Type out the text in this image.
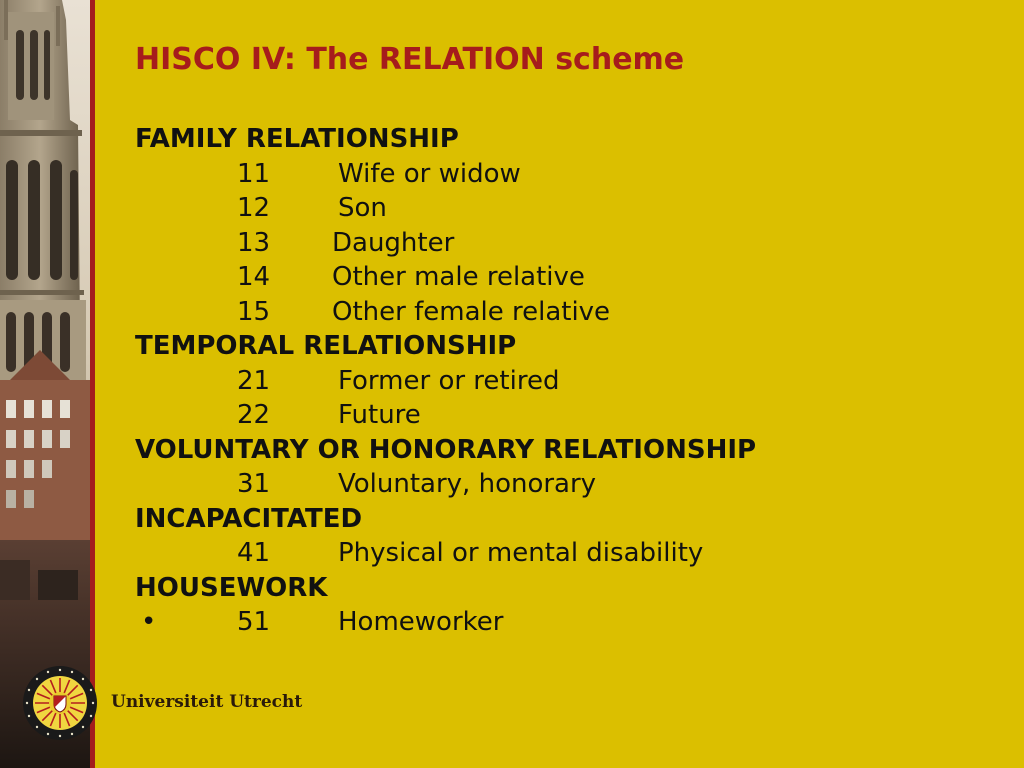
HISCO IV: The RELATION scheme
FAMILY RELATIONSHIP
11	Wife or widow
12	Son
13 Daughter
14 Other male relative
15 Other female relative
TEMPORAL RELATIONSHIP
21	Former or retired
22	Future
VOLUNTARY OR HONORARY RELATIONSHIP
31	Voluntary, honorary
INCAPACITATED
41	Physical or mental disability
HOUSEWORK
•	51	Homeworker
Universiteit Utrecht
